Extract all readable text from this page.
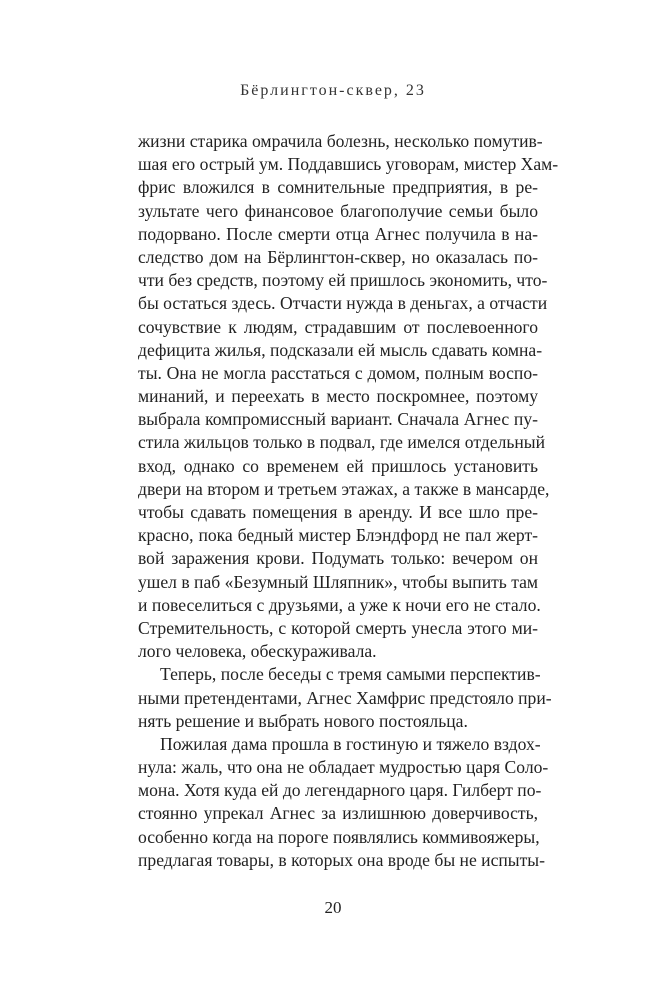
Бёрлингтон-сквер, 23

жизни старика омрачила болезнь, несколько помутив-
шая его острый ум. Поддавшись уговорам, мистер Хам-
фрис вложился в сомнительные предприятия, в ре-
зультате чего финансовое благополучие семьи было
подорвано. После смерти отца Агнес получила в на-
следство дом на Бёрлингтон-сквер, но оказалась по-
чти без средств, поэтому ей пришлось экономить, что-
бы остаться здесь. Отчасти нужда в деньгах, а отчасти
сочувствие к людям, страдавшим от послевоенного
дефицита жилья, подсказали ей мысль сдавать комна-
ты. Она не могла расстаться с домом, полным воспо-
минаний, и переехать в место поскромнее, поэтому
выбрала компромиссный вариант. Сначала Агнес пу-
стила жильцов только в подвал, где имелся отдельный
вход, однако со временем ей пришлось установить
двери на втором и третьем этажах, а также в мансарде,
чтобы сдавать помещения в аренду. И все шло пре-
красно, пока бедный мистер Блэндфорд не пал жерт-
вой заражения крови. Подумать только: вечером он
ушел в паб «Безумный Шляпник», чтобы выпить там
и повеселиться с друзьями, а уже к ночи его не стало.
Стремительность, с которой смерть унесла этого ми-
лого человека, обескураживала.
Теперь, после беседы с тремя самыми перспектив-
ными претендентами, Агнес Хамфрис предстояло при-
нять решение и выбрать нового постояльца.
Пожилая дама прошла в гостиную и тяжело вздох-
нула: жаль, что она не обладает мудростью царя Соло-
мона. Хотя куда ей до легендарного царя. Гилберт по-
стоянно упрекал Агнес за излишнюю доверчивость,
особенно когда на пороге появлялись коммивояжеры,
предлагая товары, в которых она вроде бы не испыты-

20
